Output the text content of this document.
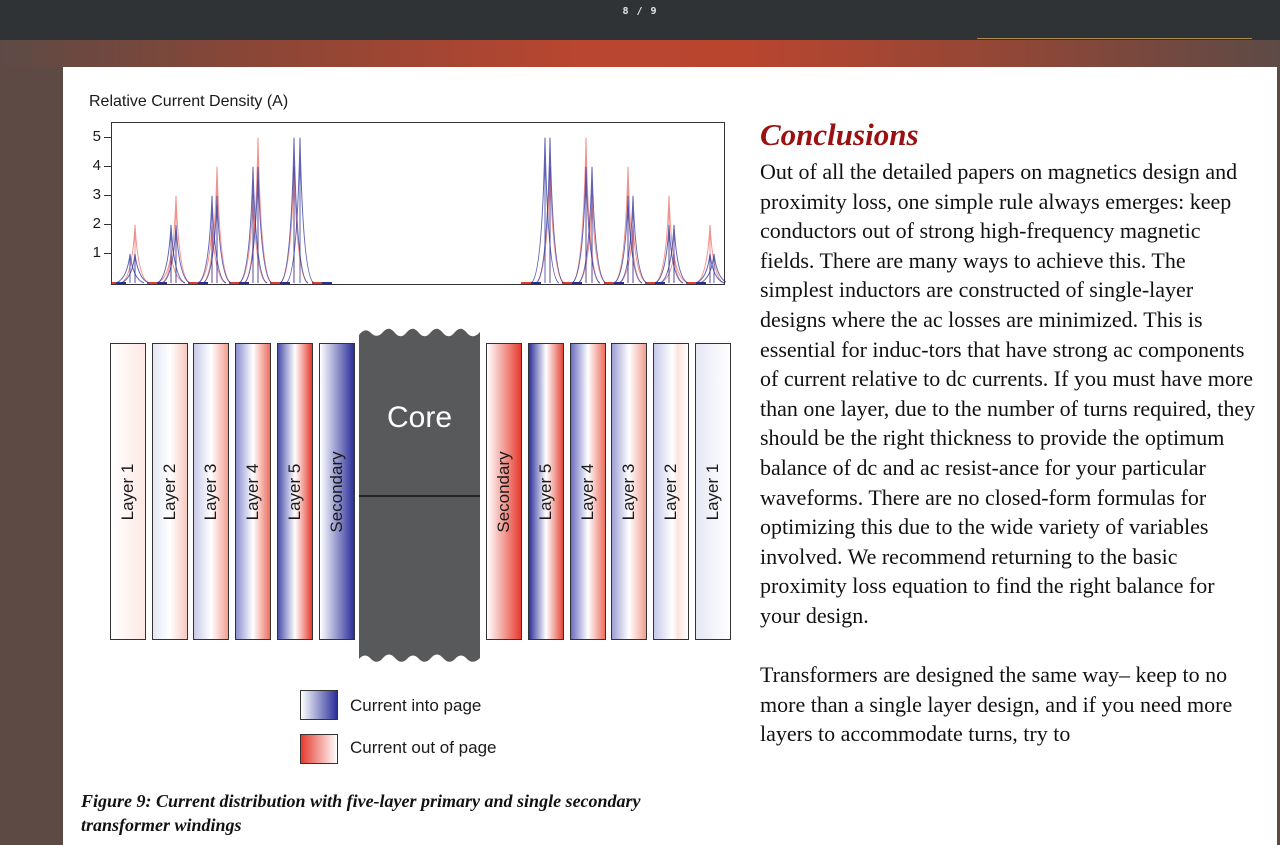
8 / 9
Relative Current Density (A)
1
2
3
4
5
Layer 1 Layer 2 Layer 3 Layer 4 Layer 5 Secondary	Secondary Layer 5 Layer 4 Layer 3 Layer 2 Layer 1
Core
Current into page
Current out of page
Figure 9: Current distribution with five-layer primary and single secondary transformer windings
Conclusions

Out of all the detailed papers on magnetics design and proximity loss, one simple rule always emerges: keep conductors out of strong high-frequency magnetic fields. There are many ways to achieve this. The simplest inductors are constructed of single-layer designs where the ac losses are minimized. This is essential for induc-tors that have strong ac components of current relative to dc currents. If you must have more than one layer, due to the number of turns required, they should be the right thickness to provide the optimum balance of dc and ac resist-ance for your particular waveforms. There are no closed-form formulas for optimizing this due to the wide variety of variables involved. We recommend returning to the basic proximity loss equation to find the right balance for your design.

Transformers are designed the same way– keep to no more than a single layer design, and if you need more layers to accommodate turns, try to
